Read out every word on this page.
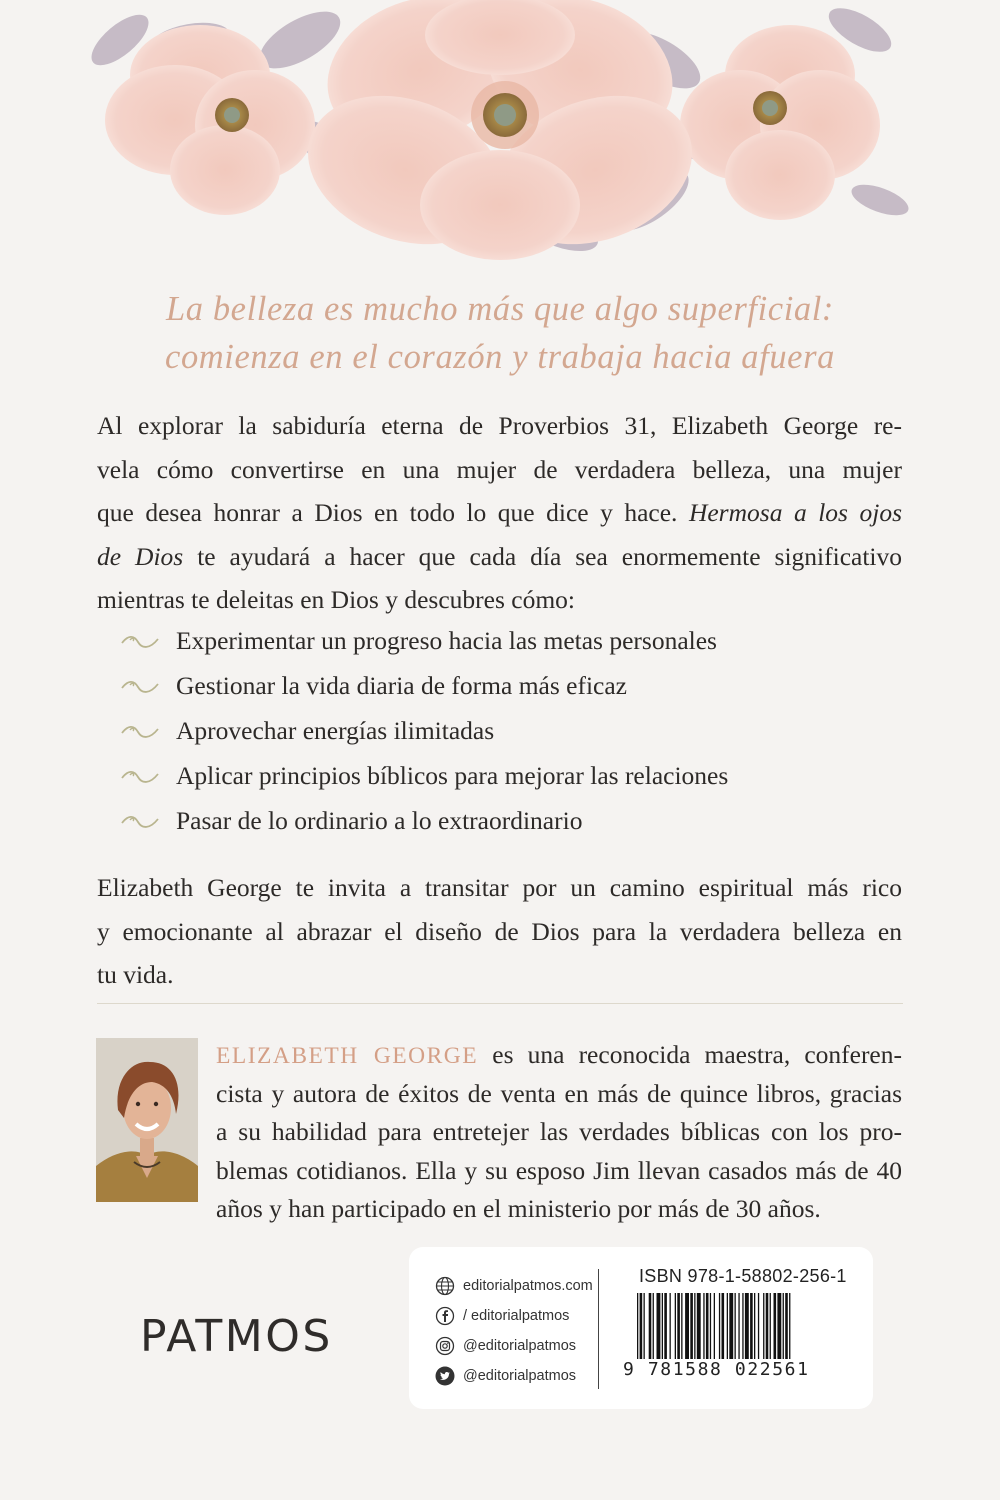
La belleza es mucho más que algo superficial:

comienza en el corazón y trabaja hacia afuera

Al explorar la sabiduría eterna de Proverbios 31, Elizabeth George re-
vela cómo convertirse en una mujer de verdadera belleza, una mujer
que desea honrar a Dios en todo lo que dice y hace. Hermosa a los ojos
de Dios te ayudará a hacer que cada día sea enormemente significativo
mientras te deleitas en Dios y descubres cómo:
Experimentar un progreso hacia las metas personales
Gestionar la vida diaria de forma más eficaz
Aprovechar energías ilimitadas
Aplicar principios bíblicos para mejorar las relaciones
Pasar de lo ordinario a lo extraordinario
Elizabeth George te invita a transitar por un camino espiritual más rico
y emocionante al abrazar el diseño de Dios para la verdadera belleza en
tu vida.
ELIZABETH GEORGE es una reconocida maestra, conferen-
cista y autora de éxitos de venta en más de quince libros, gracias
a su habilidad para entretejer las verdades bíblicas con los pro-
blemas cotidianos. Ella y su esposo Jim llevan casados más de 40
años y han participado en el ministerio por más de 30 años.
PATMOS
editorialpatmos.com
/ editorialpatmos
@editorialpatmos
@editorialpatmos
ISBN 978-1-58802-256-1
9 781588 022561
